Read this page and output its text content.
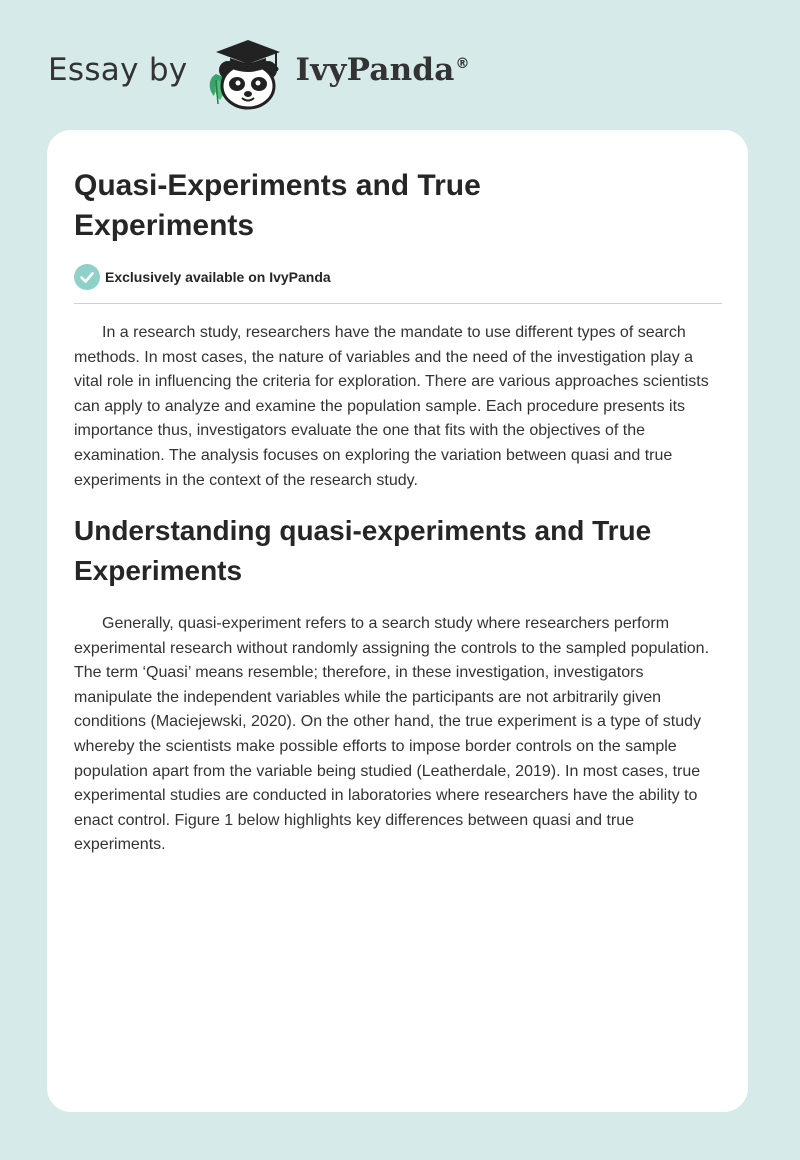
Essay by	IvyPanda ®
Quasi-Experiments and True Experiments
Exclusively available on IvyPanda

In a research study, researchers have the mandate to use different types of search methods. In most cases, the nature of variables and the need of the investigation play a vital role in influencing the criteria for exploration. There are various approaches scientists can apply to analyze and examine the population sample. Each procedure presents its importance thus, investigators evaluate the one that fits with the objectives of the examination. The analysis focuses on exploring the variation between quasi and true experiments in the context of the research study.

Understanding quasi-experiments and True Experiments

Generally, quasi-experiment refers to a search study where researchers perform experimental research without randomly assigning the controls to the sampled population. The term ‘Quasi’ means resemble; therefore, in these investigation, investigators manipulate the independent variables while the participants are not arbitrarily given conditions (Maciejewski, 2020). On the other hand, the true experiment is a type of study whereby the scientists make possible efforts to impose border controls on the sample population apart from the variable being studied (Leatherdale, 2019). In most cases, true experimental studies are conducted in laboratories where researchers have the ability to enact control. Figure 1 below highlights key differences between quasi and true experiments.
